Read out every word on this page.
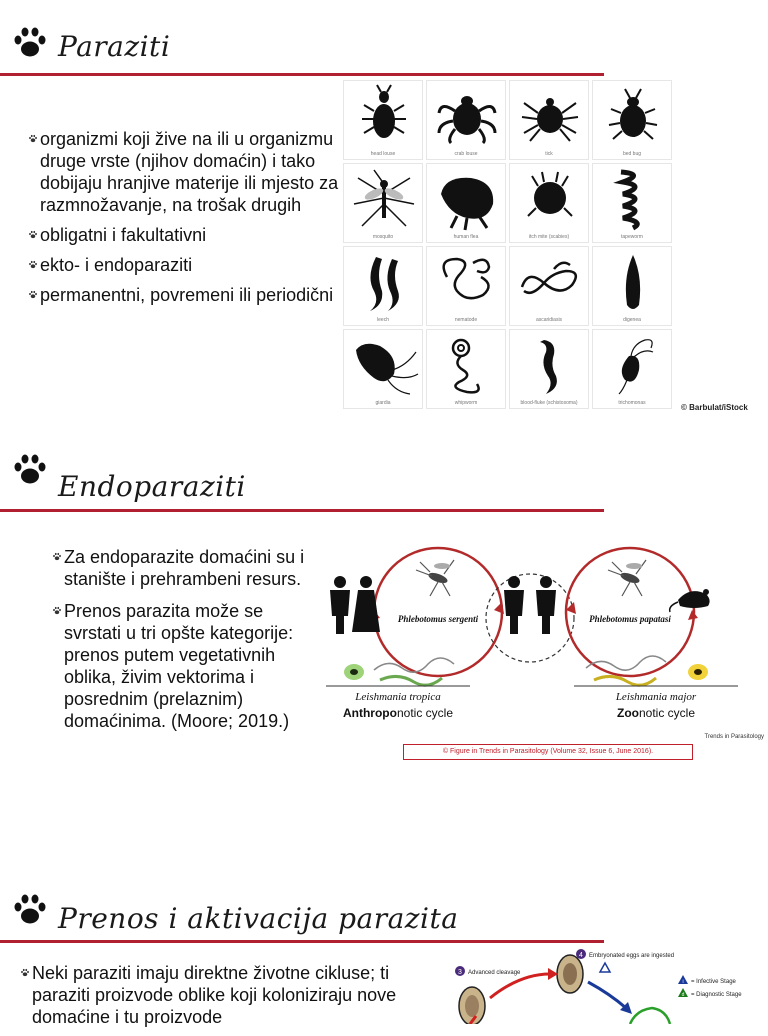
Paraziti
organizmi koji žive na ili u organizmu druge vrste (njihov domaćin) i tako dobijaju hranjive materije ili mjesto za razmnožavanje, na trošak drugih
obligatni i fakultativni
ekto- i endoparaziti
permanentni, povremeni ili periodični
head louse	crab louse	tick	bed bug
mosquito	human flea	itch mite (scabies)	tapeworm
leech	nematode	ascaridiasis	digenea
giardia	whipworm	blood-fluke (schistosoma)	trichomonas	© Barbulat/iStock
Endoparaziti
Za endoparazite domaćini su i stanište i prehrambeni resurs.
Prenos parazita može se svrstati u tri opšte kategorije: prenos putem vegetativnih oblika, živim vektorima i posrednim (prelaznim) domaćinima. (Moore; 2019.)
Phlebotomus sergenti	Phlebotomus papatasi
Leishmania tropica	Leishmania major
Anthroponotic cycle	Zoonotic cycle
Trends in Parasitology
© Figure in Trends in Parasitology (Volume 32, Issue 6, June 2016).
Prenos i aktivacija parazita
Neki paraziti imaju direktne životne cikluse; ti paraziti proizvode oblike koji koloniziraju nove domaćine i tu proizvode
3 Advanced cleavage
4 Embryonated eggs are ingested
i = Infective Stage
d = Diagnostic Stage
